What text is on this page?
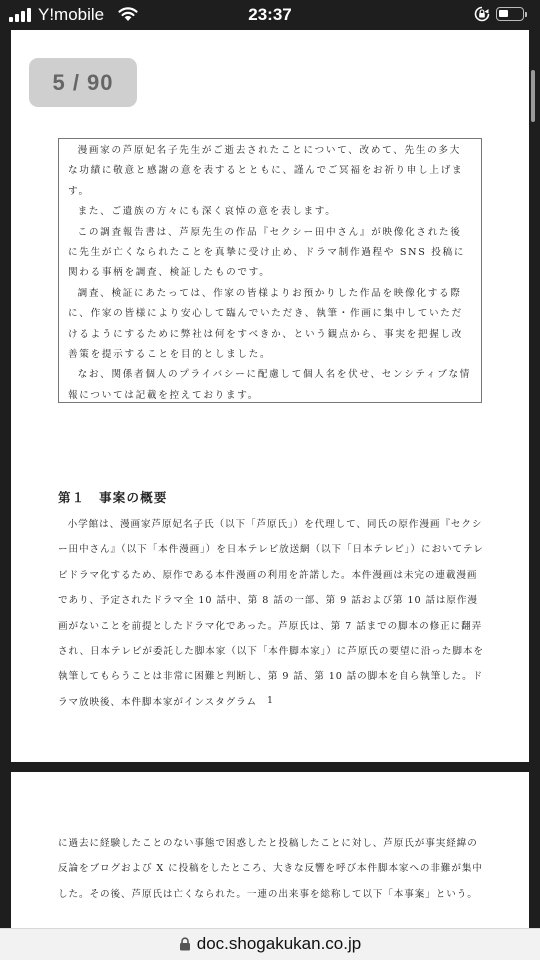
Y!mobile	23:37
5 / 90

漫画家の芦原妃名子先生がご逝去されたことについて、改めて、先生の多大な功績に敬意と感謝の意を表するとともに、謹んでご冥福をお祈り申し上げます。

また、ご遺族の方々にも深く哀悼の意を表します。

この調査報告書は、芦原先生の作品『セクシー田中さん』が映像化された後に先生が亡くなられたことを真摯に受け止め、ドラマ制作過程や SNS 投稿に関わる事柄を調査、検証したものです。

調査、検証にあたっては、作家の皆様よりお預かりした作品を映像化する際に、作家の皆様により安心して臨んでいただき、執筆・作画に集中していただけるようにするために弊社は何をすべきか、という観点から、事実を把握し改善策を提示することを目的としました。

なお、関係者個人のプライバシーに配慮して個人名を伏せ、センシティブな情報については記載を控えております。

第１　事案の概要

小学館は、漫画家芦原妃名子氏（以下「芦原氏」）を代理して、同氏の原作漫画『セクシー田中さん』（以下「本件漫画」）を日本テレビ放送網（以下「日本テレビ」）においてテレビドラマ化するため、原作である本件漫画の利用を許諾した。本件漫画は未完の連載漫画であり、予定されたドラマ全 10 話中、第 8 話の一部、第 9 話および第 10 話は原作漫画がないことを前提としたドラマ化であった。芦原氏は、第 7 話までの脚本の修正に翻弄され、日本テレビが委託した脚本家（以下「本件脚本家」）に芦原氏の要望に沿った脚本を執筆してもらうことは非常に困難と判断し、第 9 話、第 10 話の脚本を自ら執筆した。ドラマ放映後、本件脚本家がインスタグラム	1

に過去に経験したことのない事態で困惑したと投稿したことに対し、芦原氏が事実経緯の反論をブログおよび X に投稿をしたところ、大きな反響を呼び本件脚本家への非難が集中した。その後、芦原氏は亡くなられた。一連の出来事を総称して以下「本事案」という。

doc.shogakukan.co.jp
